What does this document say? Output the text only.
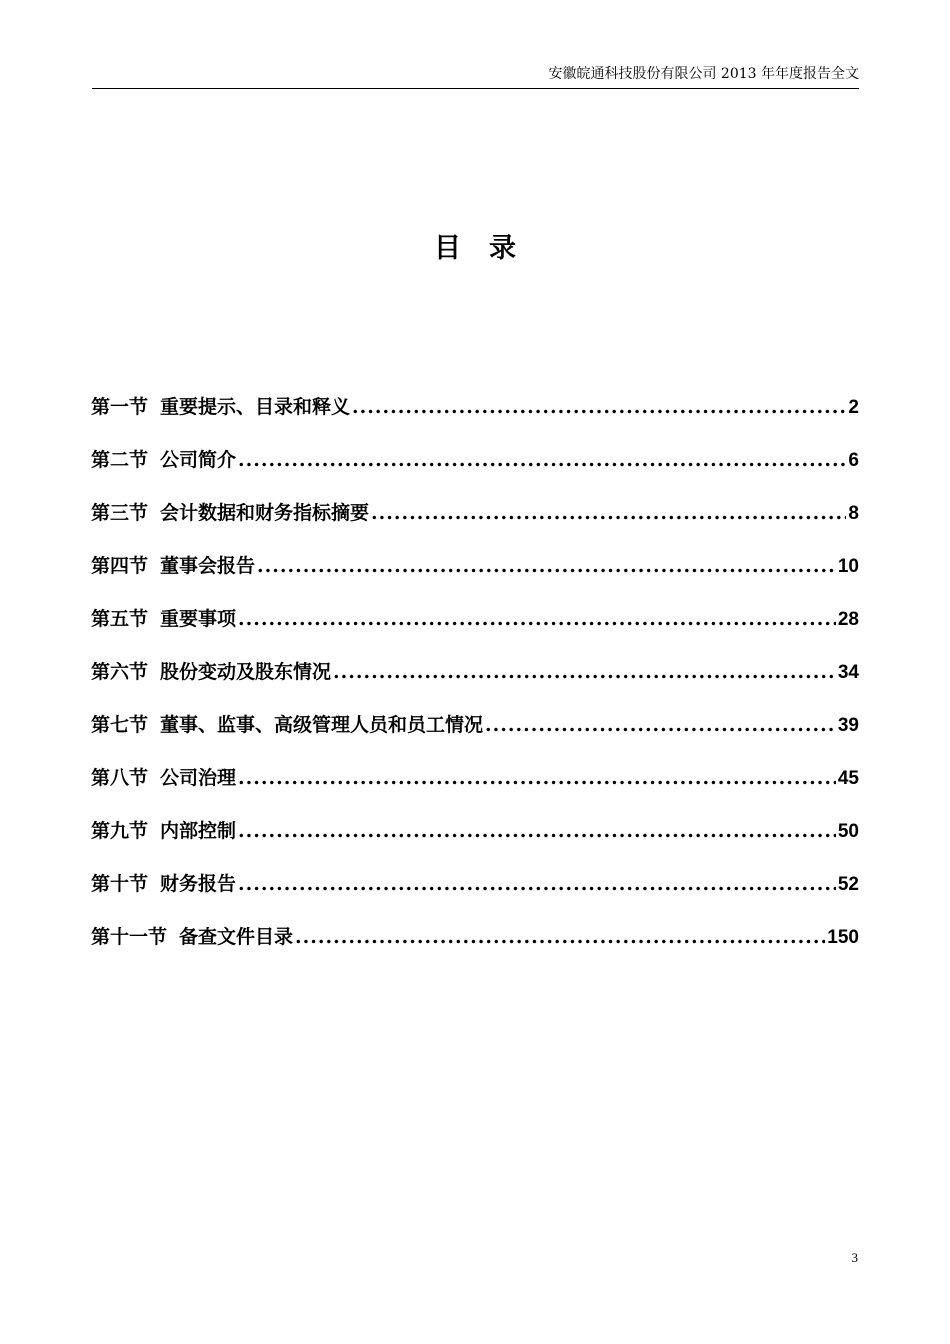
安徽皖通科技股份有限公司 2013 年年度报告全文
目录
第一节 重要提示、目录和释义 .....	2
第二节 公司简介 .....	6
第三节 会计数据和财务指标摘要 .....	8
第四节 董事会报告 .....	10
第五节 重要事项 .....	28
第六节 股份变动及股东情况 .....	34
第七节 董事、监事、高级管理人员和员工情况 .....	39
第八节 公司治理 .....	45
第九节 内部控制 .....	50
第十节 财务报告 .....	52
第十一节 备查文件目录 .....	150
3
